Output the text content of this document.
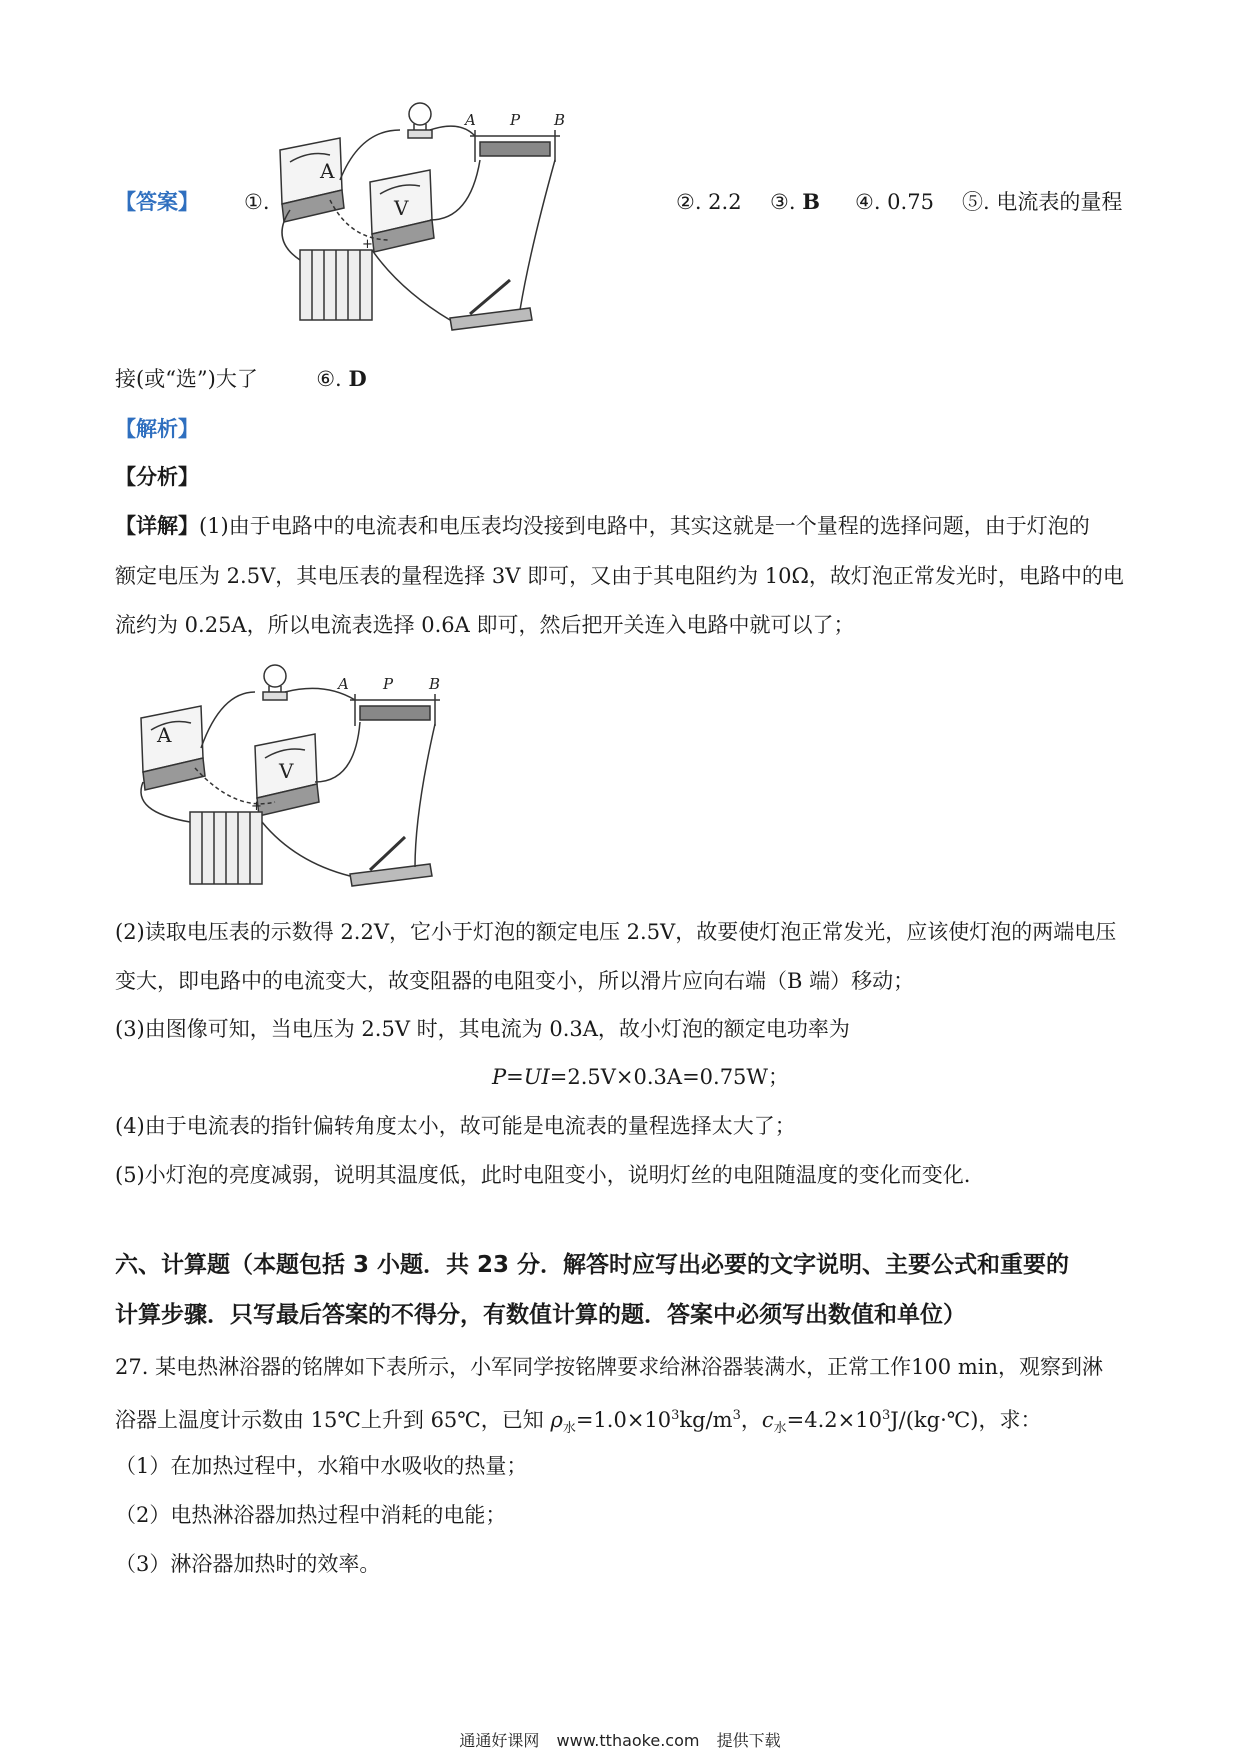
【答案】 ①.
A
V
A P B
+
②. 2.2 ③. B ④. 0.75 ⑤. 电流表的量程
接(或“选”)大了	⑥. D
【解析】
【分析】
【详解】(1)由于电路中的电流表和电压表均没接到电路中，其实这就是一个量程的选择问题，由于灯泡的
额定电压为 2.5V，其电压表的量程选择 3V 即可，又由于其电阻约为 10Ω，故灯泡正常发光时，电路中的电
流约为 0.25A，所以电流表选择 0.6A 即可，然后把开关连入电路中就可以了；
A
V
A P B
+
(2)读取电压表的示数得 2.2V，它小于灯泡的额定电压 2.5V，故要使灯泡正常发光，应该使灯泡的两端电压
变大，即电路中的电流变大，故变阻器的电阻变小，所以滑片应向右端（B 端）移动；
(3)由图像可知，当电压为 2.5V 时，其电流为 0.3A，故小灯泡的额定电功率为
P=UI=2.5V×0.3A=0.75W；
(4)由于电流表的指针偏转角度太小，故可能是电流表的量程选择太大了；
(5)小灯泡的亮度减弱，说明其温度低，此时电阻变小，说明灯丝的电阻随温度的变化而变化.
六、计算题（本题包括 3 小题．共 23 分．解答时应写出必要的文字说明、主要公式和重要的
计算步骤．只写最后答案的不得分，有数值计算的题．答案中必须写出数值和单位）
27. 某电热淋浴器的铭牌如下表所示，小军同学按铭牌要求给淋浴器装满水，正常工作100 min，观察到淋
浴器上温度计示数由 15℃上升到 65℃，已知 $\rho_水=1.0\times 10^3kg/m^3$，$c_水=4.2\times 10^3J/(kg\cdot℃)$，求：
（1）在加热过程中，水箱中水吸收的热量；
（2）电热淋浴器加热过程中消耗的电能；
（3）淋浴器加热时的效率。
通通好课网 www.tthaoke.com 提供下载
